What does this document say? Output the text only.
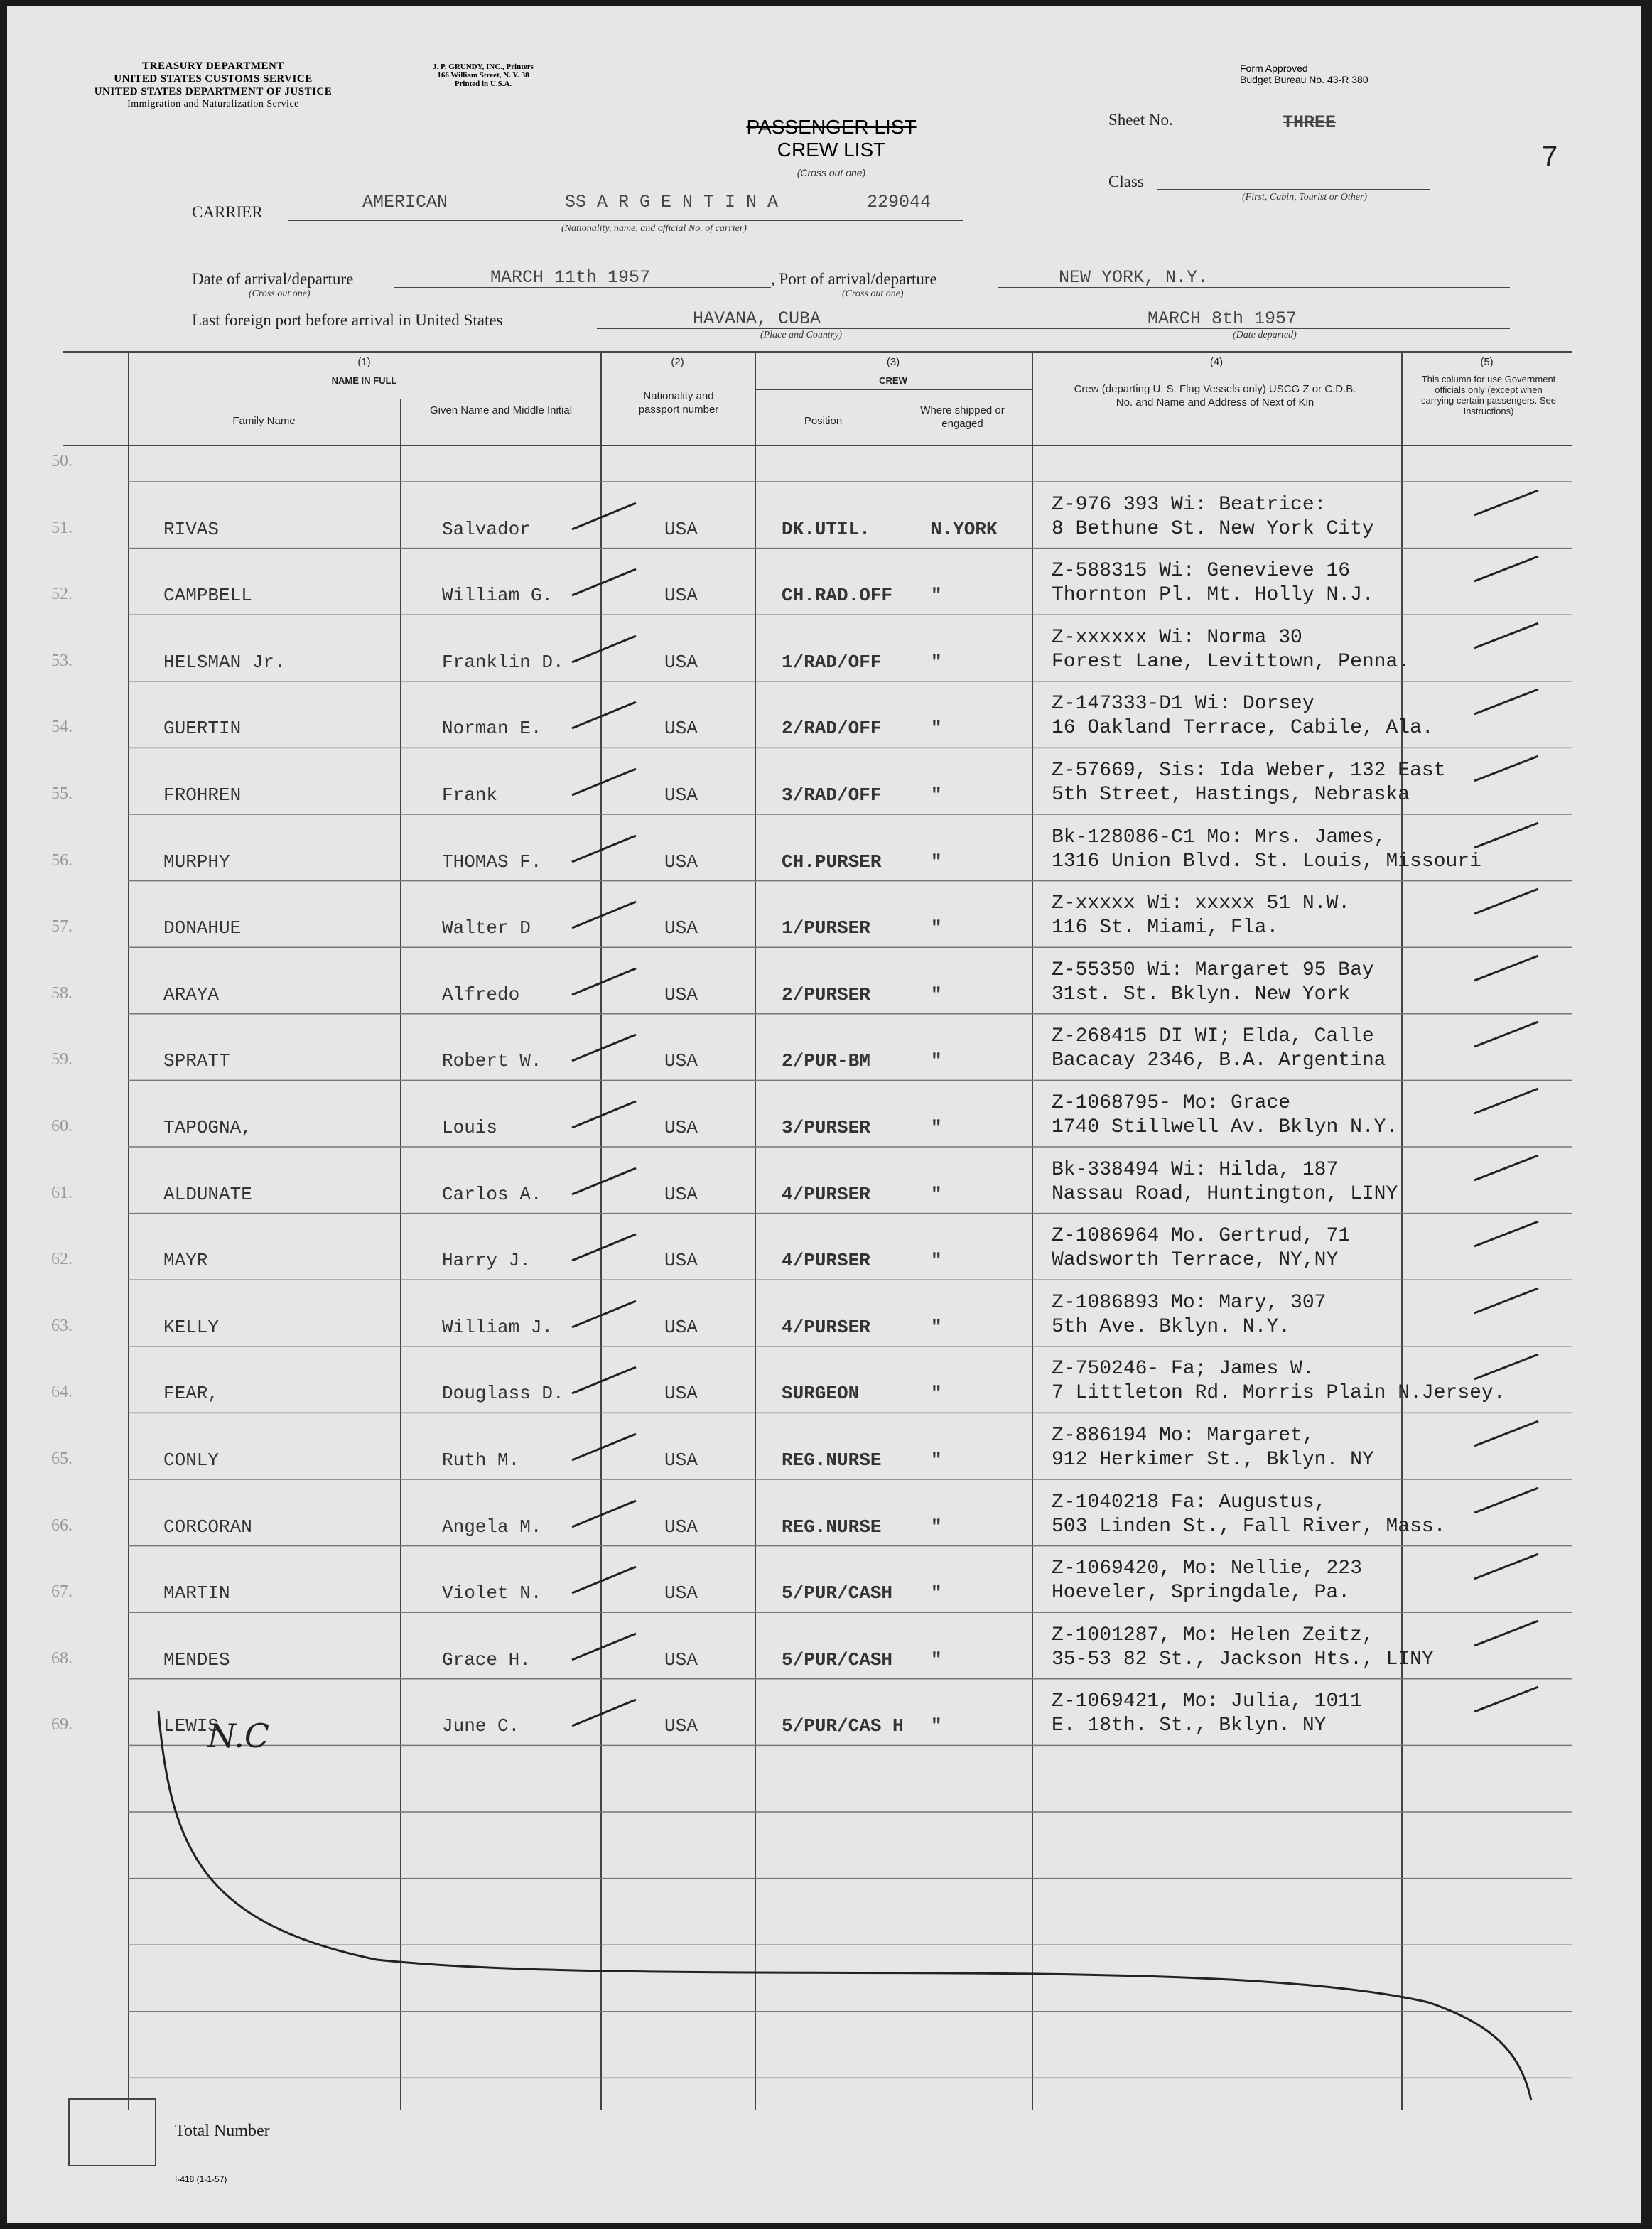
TREASURY DEPARTMENT
UNITED STATES CUSTOMS SERVICE
UNITED STATES DEPARTMENT OF JUSTICE
Immigration and Naturalization Service
J. P. GRUNDY, INC., Printers
166 William Street, N. Y. 38
Printed in U.S.A.
Form Approved
Budget Bureau No. 43-R 380
PASSENGER LIST
CREW LIST
(Cross out one)
Sheet No.	THREE
7
Class
(First, Cabin, Tourist or Other)
CARRIER	AMERICAN	SS A R G E N T I N A	229044
(Nationality, name, and official No. of carrier)
Date of arrival/departure	MARCH 11th 1957
(Cross out one)
, Port of arrival/departure	NEW YORK, N.Y.
(Cross out one)
Last foreign port before arrival in United States	HAVANA, CUBA	MARCH 8th 1957
(Place and Country)	(Date departed)
(1)
NAME IN FULL
Family Name
Given Name and Middle Initial
(2)
Nationality and passport number
(3)
CREW
Position
Where shipped or engaged
(4)
Crew (departing U. S. Flag Vessels only) USCG Z or C.D.B. No. and Name and Address of Next of Kin
(5)
This column for use Government officials only (except when carrying certain passengers. See Instructions)
50.
51.	RIVAS	Salvador	USA	DK.UTIL.	N.YORK
Z-976 393 Wi: Beatrice:
8 Bethune St. New York City
52.	CAMPBELL	William G.	USA	CH.RAD.OFF "
Z-588315 Wi: Genevieve 16
Thornton Pl. Mt. Holly N.J.
53.	HELSMAN Jr.	Franklin D.	USA	1/RAD/OFF	"
Z-xxxxxx Wi: Norma 30
Forest Lane, Levittown, Penna.
54.	GUERTIN	Norman E.	USA	2/RAD/OFF	"
Z-147333-D1 Wi: Dorsey
16 Oakland Terrace, Cabile, Ala.
55.	FROHREN	Frank	USA	3/RAD/OFF	"
Z-57669, Sis: Ida Weber, 132 East
5th Street, Hastings, Nebraska
56.	MURPHY	THOMAS F.	USA	CH.PURSER	"
Bk-128086-C1 Mo: Mrs. James,
1316 Union Blvd. St. Louis, Missouri
57.	DONAHUE	Walter D	USA	1/PURSER	"
Z-xxxxx Wi: xxxxx 51 N.W.
116 St. Miami, Fla.
58.	ARAYA	Alfredo	USA	2/PURSER	"
Z-55350 Wi: Margaret 95 Bay
31st. St. Bklyn. New York
59.	SPRATT	Robert W.	USA	2/PUR-BM	"
Z-268415 DI WI; Elda, Calle
Bacacay 2346, B.A. Argentina
60.	TAPOGNA,	Louis	USA	3/PURSER	"
Z-1068795- Mo: Grace
1740 Stillwell Av. Bklyn N.Y.
61.	ALDUNATE	Carlos A.	USA	4/PURSER	"
Bk-338494 Wi: Hilda, 187
Nassau Road, Huntington, LINY
62.	MAYR	Harry J.	USA	4/PURSER	"
Z-1086964 Mo. Gertrud, 71
Wadsworth Terrace, NY,NY
63.	KELLY	William J.	USA	4/PURSER	"
Z-1086893 Mo: Mary, 307
5th Ave. Bklyn. N.Y.
64.	FEAR,	Douglass D.	USA	SURGEON	"
Z-750246- Fa; James W.
7 Littleton Rd. Morris Plain N.Jersey.
65.	CONLY	Ruth M.	USA	REG.NURSE	"
Z-886194 Mo: Margaret,
912 Herkimer St., Bklyn. NY
66.	CORCORAN	Angela M.	USA	REG.NURSE	"
Z-1040218 Fa: Augustus,
503 Linden St., Fall River, Mass.
67.	MARTIN	Violet N.	USA	5/PUR/CASH "
Z-1069420, Mo: Nellie, 223
Hoeveler, Springdale, Pa.
68.	MENDES	Grace H.	USA	5/PUR/CASH "
Z-1001287, Mo: Helen Zeitz,
35-53 82 St., Jackson Hts., LINY
69.	LEWIS	June C.	USA	5/PUR/CAS H "
Z-1069421, Mo: Julia, 1011
E. 18th. St., Bklyn. NY
N.C
Total Number
I-418 (1-1-57)
